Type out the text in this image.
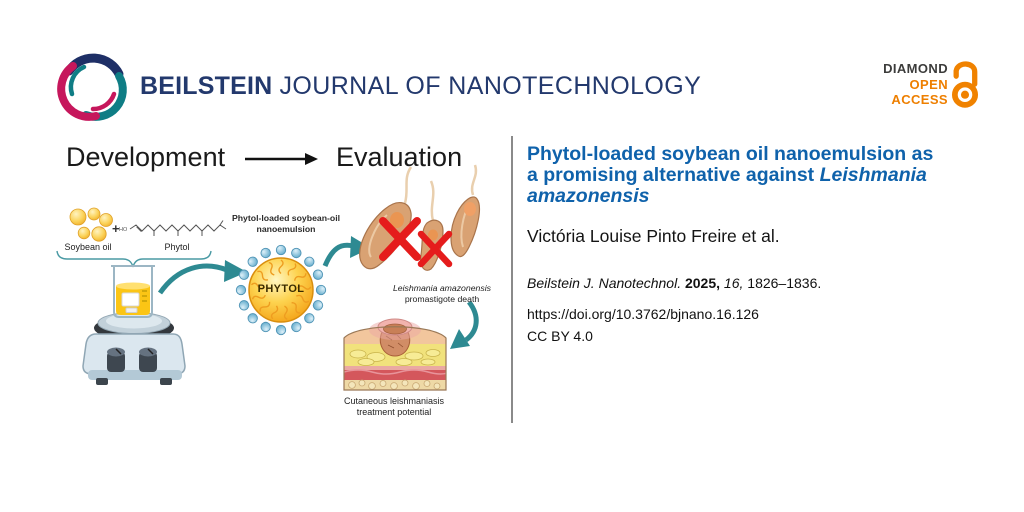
BEILSTEIN JOURNAL OF NANOTECHNOLOGY
DIAMOND
OPEN
ACCESS
Development	Evaluation
Soybean oil
+ HO
Phytol
Phytol-loaded soybean-oil
nanoemulsion
PHYTOL	Leishmania amazonensis
promastigote death
Cutaneous leishmaniasis
treatment potential
Phytol-loaded soybean oil nanoemulsion as
a promising alternative against Leishmania
amazonensis
Victória Louise Pinto Freire et al.
Beilstein J. Nanotechnol. 2025, 16, 1826–1836.
https://doi.org/10.3762/bjnano.16.126
CC BY 4.0
